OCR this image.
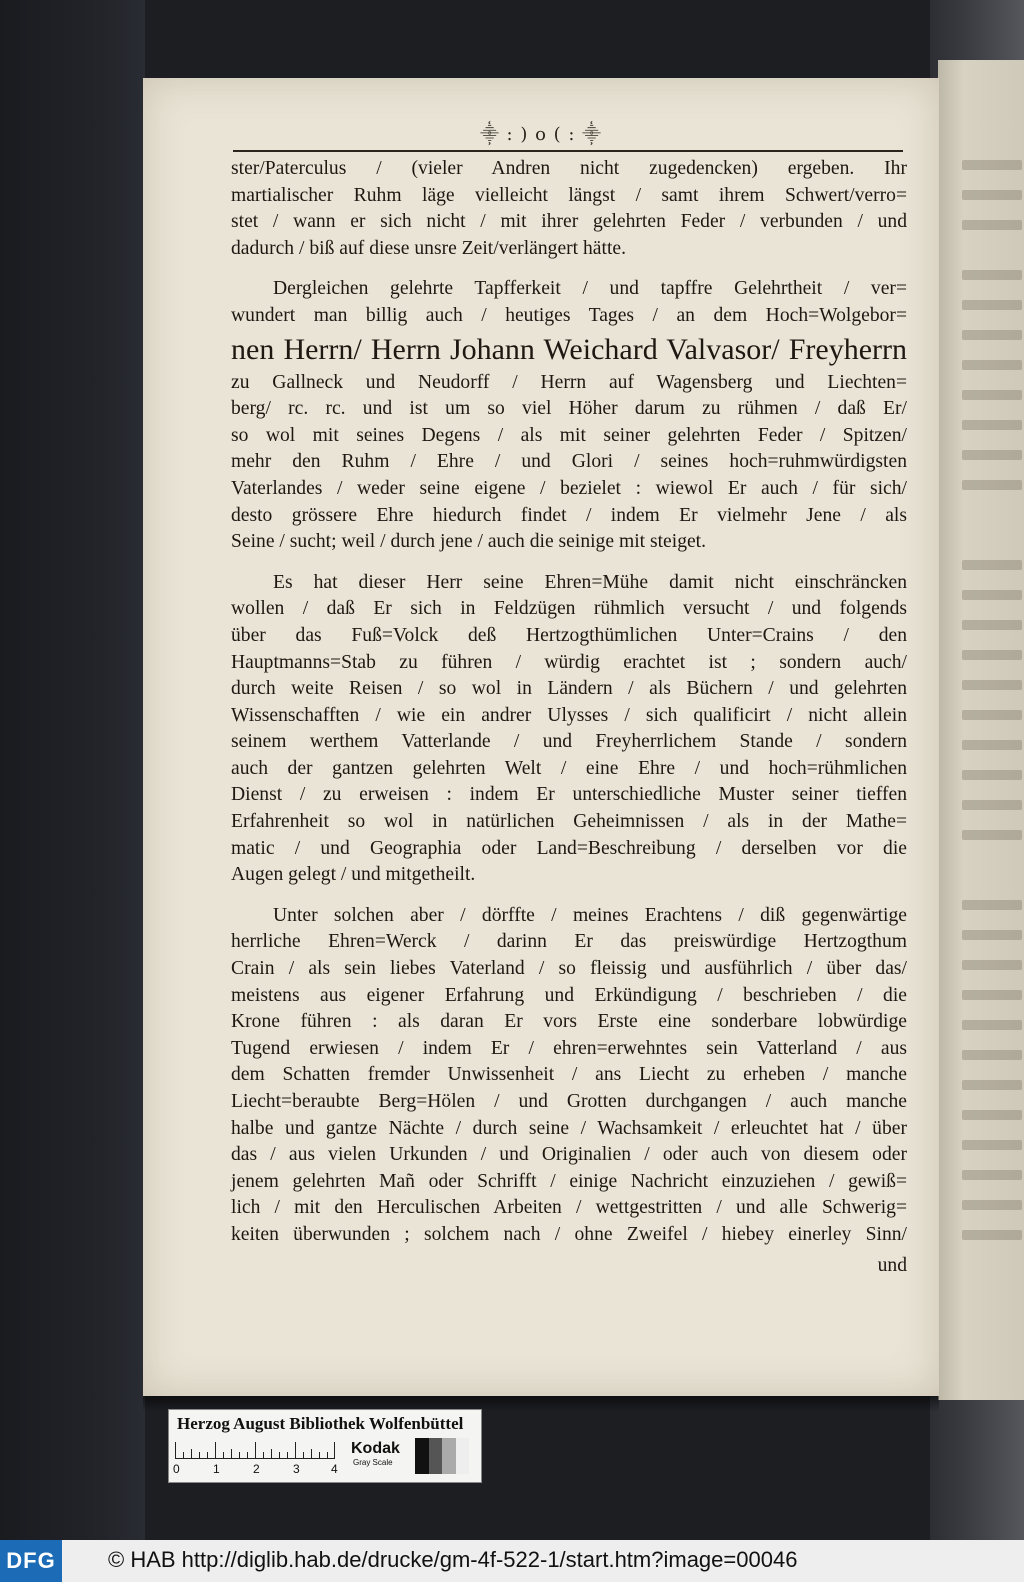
⸎ : ) o ( : ⸎
ster/Paterculus / (vieler Andren nicht zugedencken) ergeben. Ihr
martialischer Ruhm läge vielleicht längst / samt ihrem Schwert/verro=
stet / wann er sich nicht / mit ihrer gelehrten Feder / verbunden / und
dadurch / biß auf diese unsre Zeit/verlängert hätte.
Dergleichen gelehrte Tapfferkeit / und tapffre Gelehrtheit / ver=
wundert man billig auch / heutiges Tages / an dem Hoch=Wolgebor=
nen Herrn/ Herrn Johann Weichard Valvasor/ Freyherrn
zu Gallneck und Neudorff / Herrn auf Wagensberg und Liechten=
berg/ rc. rc. und ist um so viel Höher darum zu rühmen / daß Er/
so wol mit seines Degens / als mit seiner gelehrten Feder / Spitzen/
mehr den Ruhm / Ehre / und Glori / seines hoch=ruhmwürdigsten
Vaterlandes / weder seine eigene / bezielet : wiewol Er auch / für sich/
desto grössere Ehre hiedurch findet / indem Er vielmehr Jene / als
Seine / sucht; weil / durch jene / auch die seinige mit steiget.
Es hat dieser Herr seine Ehren=Mühe damit nicht einschräncken
wollen / daß Er sich in Feldzügen rühmlich versucht / und folgends
über das Fuß=Volck deß Hertzogthümlichen Unter=Crains / den
Hauptmanns=Stab zu führen / würdig erachtet ist ; sondern auch/
durch weite Reisen / so wol in Ländern / als Büchern / und gelehrten
Wissenschafften / wie ein andrer Ulysses / sich qualificirt / nicht allein
seinem werthem Vatterlande / und Freyherrlichem Stande / sondern
auch der gantzen gelehrten Welt / eine Ehre / und hoch=rühmlichen
Dienst / zu erweisen : indem Er unterschiedliche Muster seiner tieffen
Erfahrenheit so wol in natürlichen Geheimnissen / als in der Mathe=
matic / und Geographia oder Land=Beschreibung / derselben vor die
Augen gelegt / und mitgetheilt.
Unter solchen aber / dörffte / meines Erachtens / diß gegenwärtige
herrliche Ehren=Werck / darinn Er das preiswürdige Hertzogthum
Crain / als sein liebes Vaterland / so fleissig und ausführlich / über das/
meistens aus eigener Erfahrung und Erkündigung / beschrieben / die
Krone führen : als daran Er vors Erste eine sonderbare lobwürdige
Tugend erwiesen / indem Er / ehren=erwehntes sein Vatterland / aus
dem Schatten fremder Unwissenheit / ans Liecht zu erheben / manche
Liecht=beraubte Berg=Hölen / und Grotten durchgangen / auch manche
halbe und gantze Nächte / durch seine / Wachsamkeit / erleuchtet hat / über
das / aus vielen Urkunden / und Originalien / oder auch von diesem oder
jenem gelehrten Mañ oder Schrifft / einige Nachricht einzuziehen / gewiß=
lich / mit den Herculischen Arbeiten / wettgestritten / und alle Schwerig=
keiten überwunden ; solchem nach / ohne Zweifel / hiebey einerley Sinn/
und
Herzog August Bibliothek Wolfenbüttel
0	1	2	3	4
Kodak
Gray Scale
DFG © HAB http://diglib.hab.de/drucke/gm-4f-522-1/start.htm?image=00046
